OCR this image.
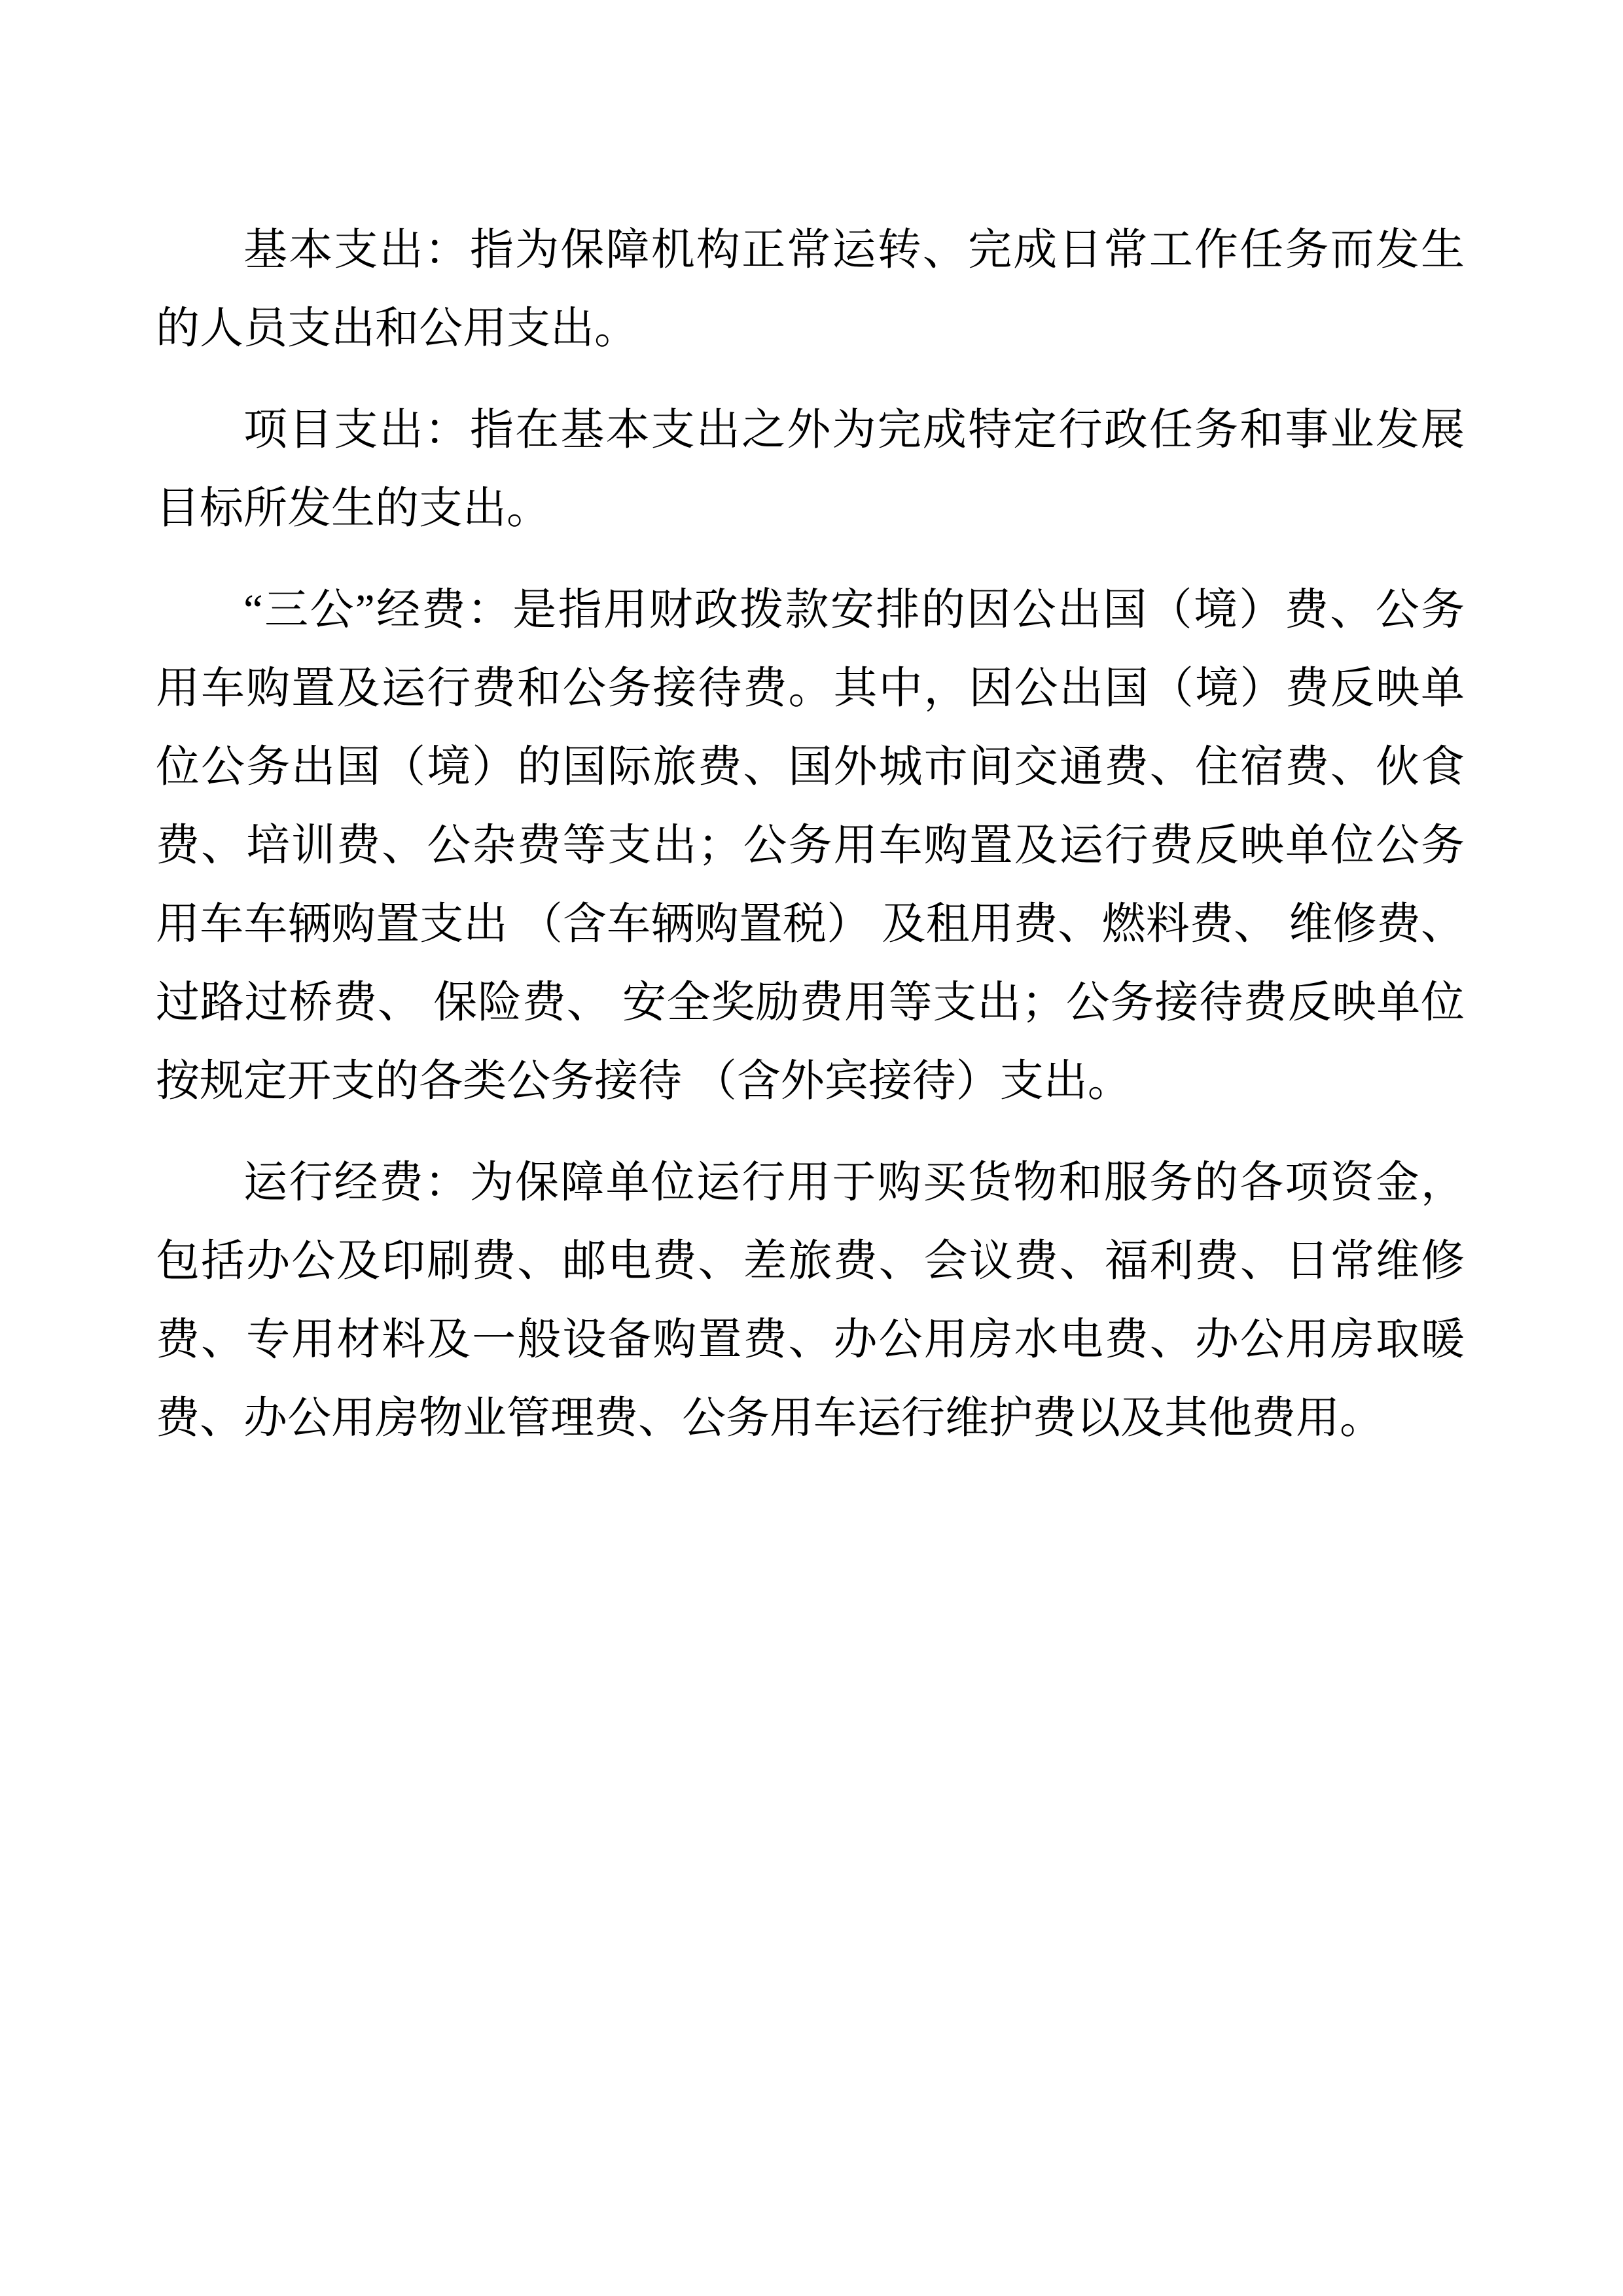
基本支出：指为保障机构正常运转、完成日常工作任务而发生的人员支出和公用支出。

项目支出：指在基本支出之外为完成特定行政任务和事业发展目标所发生的支出。

“三公”经费：是指用财政拨款安排的因公出国（境）费、公务用车购置及运行费和公务接待费。其中，因公出国（境）费反映单位公务出国（境）的国际旅费、国外城市间交通费、住宿费、伙食费、培训费、公杂费等支出；公务用车购置及运行费反映单位公务用车车辆购置支出 （含车辆购置税） 及租用费、燃料费、 维修费、 过路过桥费、 保险费、 安全奖励费用等支出；公务接待费反映单位按规定开支的各类公务接待 （含外宾接待）支出。

运行经费：为保障单位运行用于购买货物和服务的各项资金，包括办公及印刷费、邮电费、差旅费、会议费、福利费、日常维修费、专用材料及一般设备购置费、办公用房水电费、办公用房取暖费、办公用房物业管理费、公务用车运行维护费以及其他费用。
